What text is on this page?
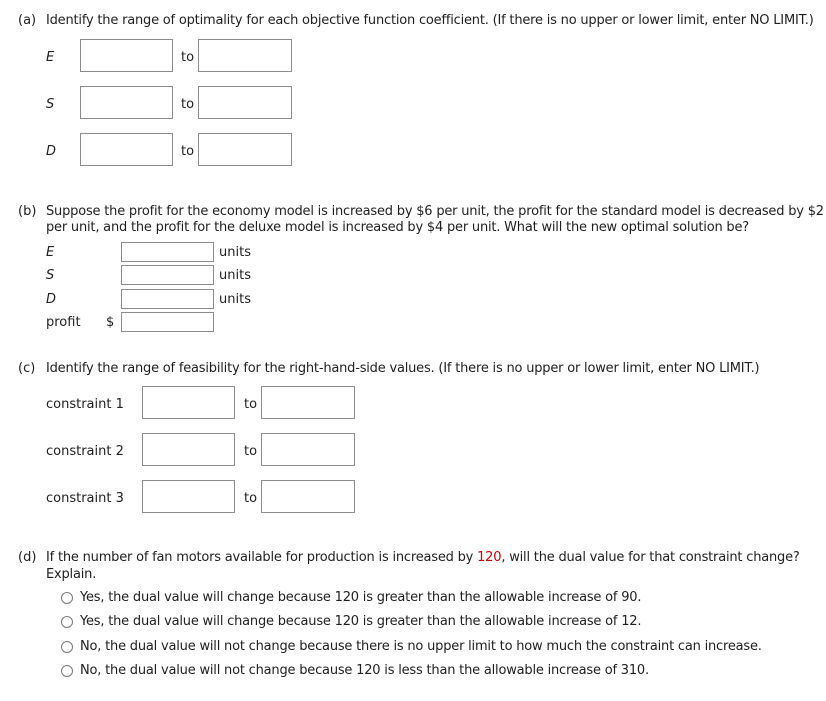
(a) Identify the range of optimality for each objective function coefficient. (If there is no upper or lower limit, enter NO LIMIT.)
E	to
S	to
D	to
(b) Suppose the profit for the economy model is increased by $6 per unit, the profit for the standard model is decreased by $2
per unit, and the profit for the deluxe model is increased by $4 per unit. What will the new optimal solution be?
E	units
S	units
D	units
profit $
(c) Identify the range of feasibility for the right-hand-side values. (If there is no upper or lower limit, enter NO LIMIT.)
constraint 1	to
constraint 2	to
constraint 3	to
(d) If the number of fan motors available for production is increased by 120, will the dual value for that constraint change?
Explain.
Yes, the dual value will change because 120 is greater than the allowable increase of 90.
Yes, the dual value will change because 120 is greater than the allowable increase of 12.
No, the dual value will not change because there is no upper limit to how much the constraint can increase.
No, the dual value will not change because 120 is less than the allowable increase of 310.
